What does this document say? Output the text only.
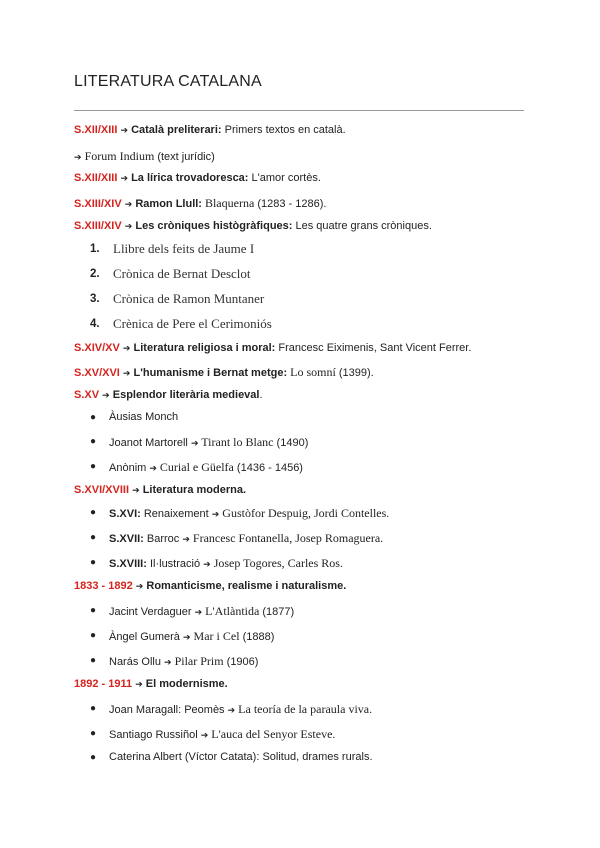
LITERATURA CATALANA
S.XII/XIII ➔ Català preliterari: Primers textos en català.
➔ Forum Indium (text jurídic)
S.XII/XIII ➔ La lírica trovadoresca: L'amor cortès.
S.XIII/XIV ➔ Ramon Llull: Blaquerna (1283 - 1286).
S.XIII/XIV ➔ Les cròniques histògràfiques: Les quatre grans cròniques.
1. Llibre dels feits de Jaume I
2. Crònica de Bernat Desclot
3. Crònica de Ramon Muntaner
4. Crènica de Pere el Cerimoniós
S.XIV/XV ➔ Literatura religiosa i moral: Francesc Eiximenis, Sant Vicent Ferrer.
S.XV/XVI ➔ L'humanisme i Bernat metge: Lo somní (1399).
S.XV ➔ Esplendor literària medieval.
● Àusias Monch
● Joanot Martorell ➔ Tirant lo Blanc (1490)
● Anònim ➔ Curial e Güelfa (1436 - 1456)
S.XVI/XVIII ➔ Literatura moderna.
● S.XVI: Renaixement ➔ Gustòfor Despuig, Jordi Contelles.
● S.XVII: Barroc ➔ Francesc Fontanella, Josep Romaguera.
● S.XVIII: Il·lustració ➔ Josep Togores, Carles Ros.
1833 - 1892 ➔ Romanticisme, realisme i naturalisme.
● Jacint Verdaguer ➔ L'Atlàntida (1877)
● Àngel Gumerà ➔ Mar i Cel (1888)
● Narás Ollu ➔ Pilar Prim (1906)
1892 - 1911 ➔ El modernisme.
● Joan Maragall: Peomès ➔ La teoría de la paraula viva.
● Santiago Russiñol ➔ L'auca del Senyor Esteve.
● Caterina Albert (Víctor Catata): Solitud, drames rurals.
